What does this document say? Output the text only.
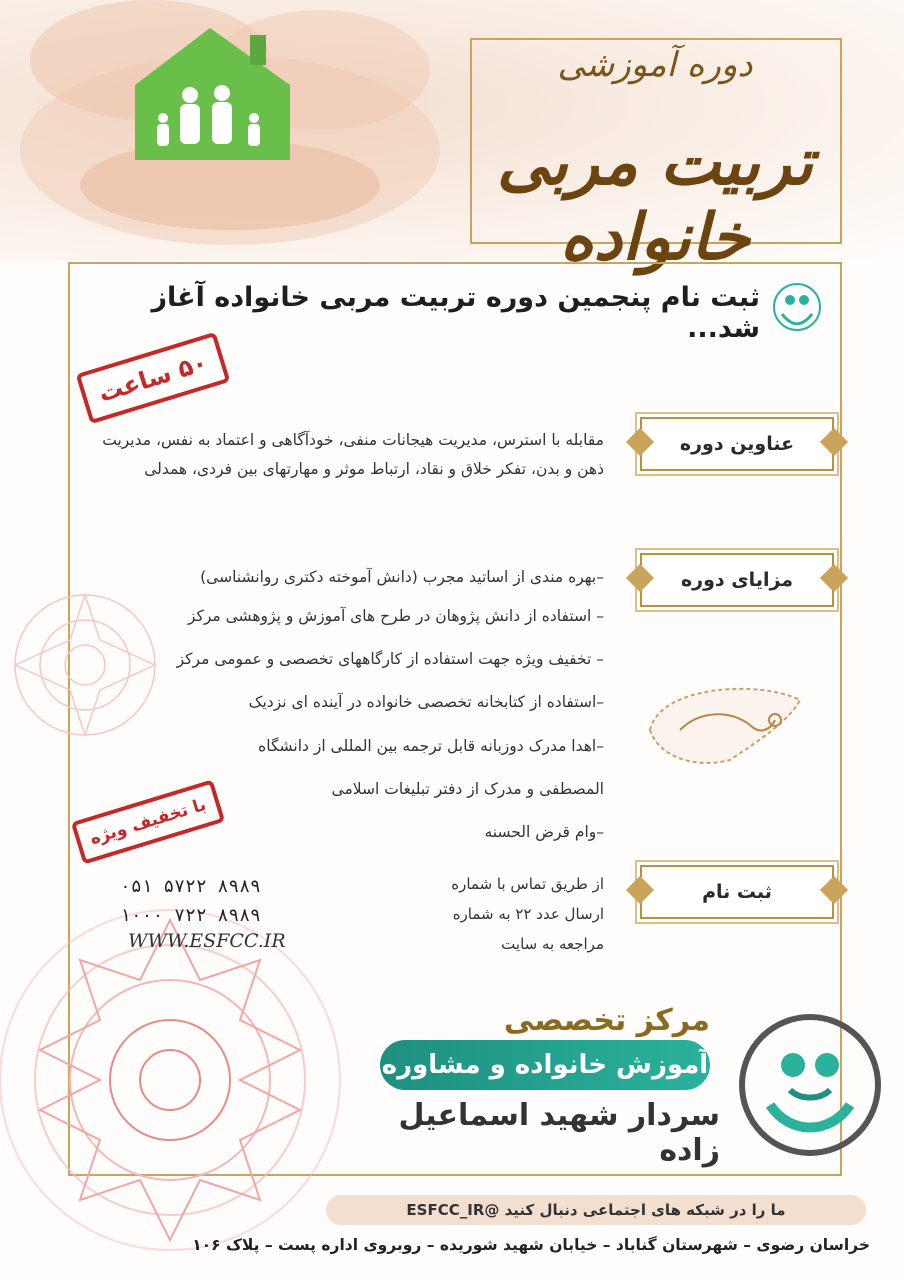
دوره آموزشی
تربیت مربی خانواده
ثبت نام پنجمین دوره تربیت مربی خانواده آغاز شد...
۵۰ ساعت
با تخفیف ویژه
عناوین دوره
مقابله با استرس، مدیریت هیجانات منفی، خودآگاهی و اعتماد به نفس، مدیریت ذهن و بدن، تفکر خلاق و نقاد، ارتباط موثر و مهارتهای بین فردی، همدلی
مزایای دوره
–بهره مندی از اساتید مجرب (دانش آموخته دکتری روانشناسی)
– استفاده از دانش پژوهان در طرح های آموزش و پژوهشی مرکز
– تخفیف ویژه جهت استفاده از کارگاههای تخصصی و عمومی مرکز
–استفاده از کتابخانه تخصصی خانواده در آینده ای نزدیک
–اهدا مدرک دوزبانه قابل ترجمه بین المللی از دانشگاه
المصطفی و مدرک از دفتر تبلیغات اسلامی
–وام قرض الحسنه
ثبت نام
از طریق تماس با شماره
ارسال عدد ۲۲ به شماره
مراجعه به سایت
۰۵۱ ۵۷۲۲ ۸۹۸۹
۱۰۰۰ ۷۲۲ ۸۹۸۹
WWW.ESFCC.IR
مرکز تخصصی
آموزش خانواده و مشاوره
سردار شهید اسماعیل زاده
ما را در شبکه های اجتماعی دنبال کنید @ESFCC_IR
خراسان رضوی – شهرستان گناباد – خیابان شهید شوریده – روبروی اداره پست – پلاک ۱۰۶
